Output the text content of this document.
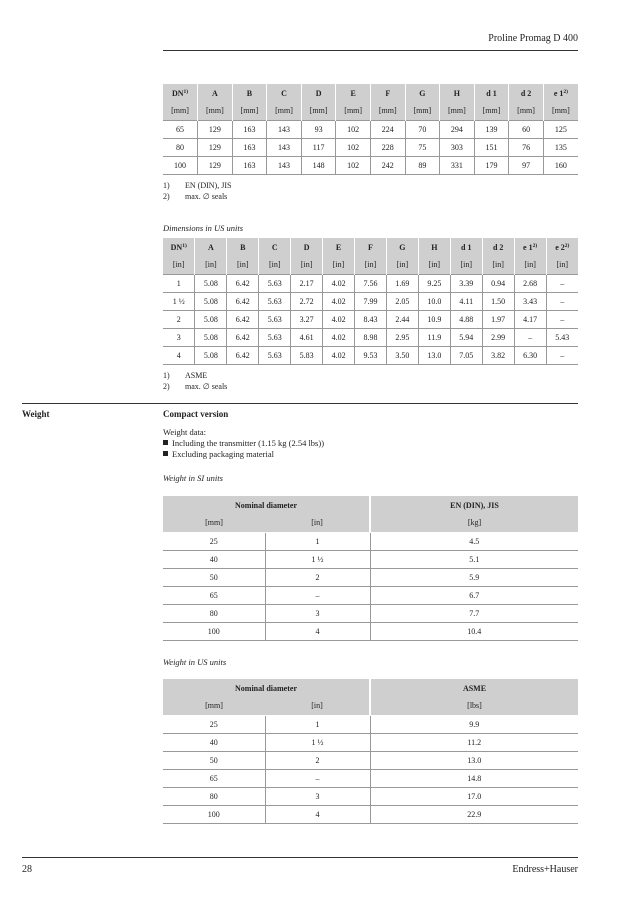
Proline Promag D 400
DN$^{1)}$	A	B	C	D	E	F	G	H	d 1	d 2	e 1$^{2)}$
[mm]	[mm]	[mm]	[mm]	[mm]	[mm]	[mm]	[mm]	[mm]	[mm]	[mm]	[mm]
65	129	163	143	93	102	224	70	294	139	60	125
80	129	163	143	117	102	228	75	303	151	76	135
100	129	163	143	148	102	242	89	331	179	97	160
1) EN (DIN), JIS
2) max. ∅ seals
Dimensions in US units
DN$^{1)}$	A	B	C	D	E	F	G	H	d 1	d 2	e 1$^{2)}$	e 2$^{2)}$
[in]	[in]	[in]	[in]	[in]	[in]	[in]	[in]	[in]	[in]	[in]	[in]	[in]
1	5.08	6.42	5.63	2.17	4.02	7.56	1.69	9.25	3.39	0.94	2.68	–
1 ½	5.08	6.42	5.63	2.72	4.02	7.99	2.05	10.0	4.11	1.50	3.43	–
2	5.08	6.42	5.63	3.27	4.02	8.43	2.44	10.9	4.88	1.97	4.17	–
3	5.08	6.42	5.63	4.61	4.02	8.98	2.95	11.9	5.94	2.99	–	5.43
4	5.08	6.42	5.63	5.83	4.02	9.53	3.50	13.0	7.05	3.82	6.30	–
1) ASME
2) max. ∅ seals
Weight	Compact version
Weight data:
Including the transmitter (1.15 kg (2.54 lbs))
Excluding packaging material
Weight in SI units
Nominal diameter		EN (DIN), JIS
[mm]	[in]	[kg]
25	1	4.5
40	1 ½	5.1
50	2	5.9
65	–	6.7
80	3	7.7
100	4	10.4
Weight in US units
Nominal diameter		ASME
[mm]	[in]	[lbs]
25	1	9.9
40	1 ½	11.2
50	2	13.0
65	–	14.8
80	3	17.0
100	4	22.9
28	Endress+Hauser
